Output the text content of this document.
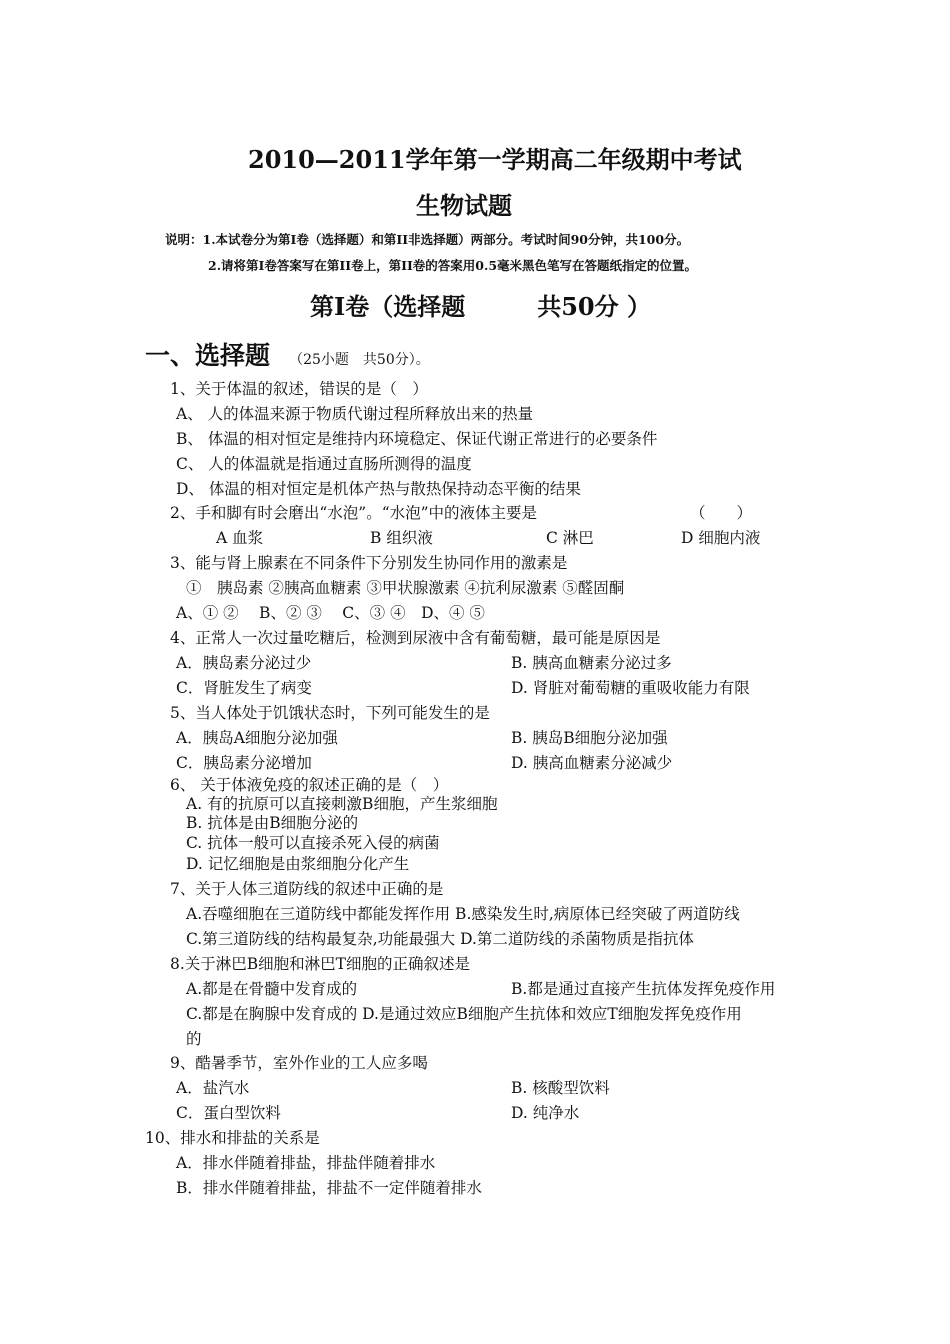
2010—2011学年第一学期高二年级期中考试
生物试题
说明：1.本试卷分为第Ⅰ卷（选择题）和第II非选择题）两部分。考试时间90分钟，共100分。
2.请将第Ⅰ卷答案写在第II卷上，第II卷的答案用0.5毫米黑色笔写在答题纸指定的位置。
第Ⅰ卷（选择题　　　共50分 ）
一、选择题 （25小题　共50分）。
1、关于体温的叙述，错误的是（　）
A、 人的体温来源于物质代谢过程所释放出来的热量
B、 体温的相对恒定是维持内环境稳定、保证代谢正常进行的必要条件
C、 人的体温就是指通过直肠所测得的温度
D、 体温的相对恒定是机体产热与散热保持动态平衡的结果
2、手和脚有时会磨出“水泡”。“水泡”中的液体主要是	（　　）
A 血浆	B 组织液	C 淋巴	D 细胞内液
3、能与肾上腺素在不同条件下分别发生协同作用的激素是
①　胰岛素 ②胰高血糖素 ③甲状腺激素 ④抗利尿激素 ⑤醛固酮
A、① ②　 B、② ③　 C、③ ④　D、④ ⑤
4、正常人一次过量吃糖后，检测到尿液中含有葡萄糖，最可能是原因是
A．胰岛素分泌过少	B. 胰高血糖素分泌过多
C．肾脏发生了病变	D. 肾脏对葡萄糖的重吸收能力有限
5、当人体处于饥饿状态时，下列可能发生的是
A．胰岛A细胞分泌加强	B. 胰岛B细胞分泌加强
C．胰岛素分泌增加	D. 胰高血糖素分泌减少
6、 关于体液免疫的叙述正确的是（　）
A. 有的抗原可以直接刺激B细胞，产生浆细胞
B. 抗体是由B细胞分泌的
C. 抗体一般可以直接杀死入侵的病菌
D. 记忆细胞是由浆细胞分化产生
7、关于人体三道防线的叙述中正确的是
A.吞噬细胞在三道防线中都能发挥作用 B.感染发生时,病原体已经突破了两道防线
C.第三道防线的结构最复杂,功能最强大 D.第二道防线的杀菌物质是指抗体
8.关于淋巴B细胞和淋巴T细胞的正确叙述是
A.都是在骨髓中发育成的	B.都是通过直接产生抗体发挥免疫作用
C.都是在胸腺中发育成的 D.是通过效应B细胞产生抗体和效应T细胞发挥免疫作用
的
9、酷暑季节，室外作业的工人应多喝
A．盐汽水	B. 核酸型饮料
C．蛋白型饮料	D. 纯净水
10、排水和排盐的关系是
A．排水伴随着排盐，排盐伴随着排水
B．排水伴随着排盐，排盐不一定伴随着排水
